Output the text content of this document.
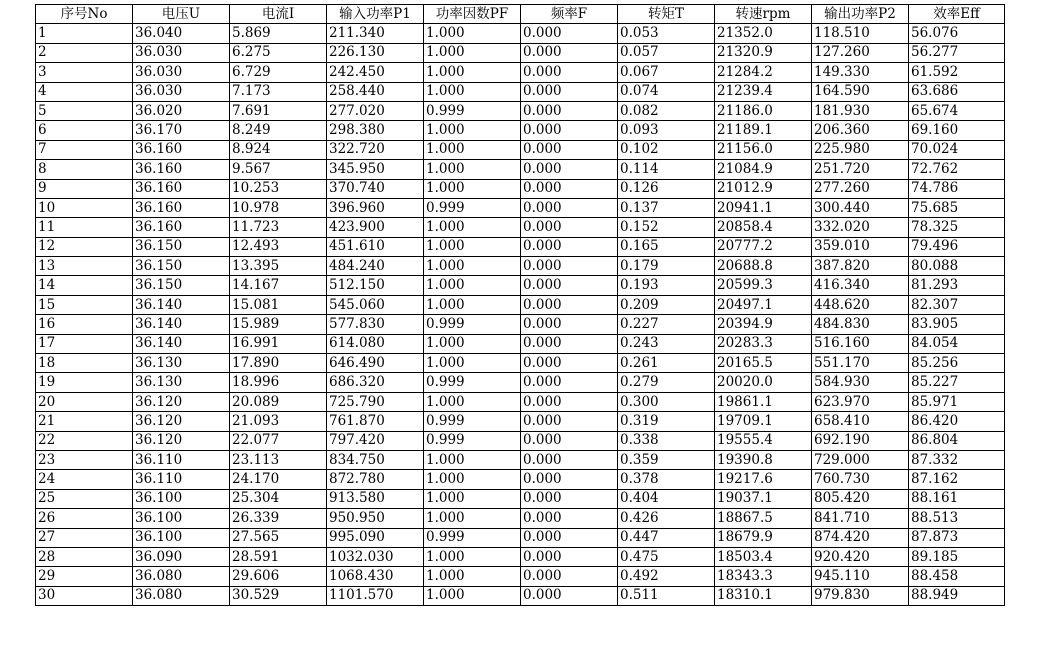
序号No	电压U	电流I	输入功率P1	功率因数PF	频率F	转矩T	转速rpm	输出功率P2	效率Eff
1	36.040	5.869	211.340	1.000	0.000	0.053	21352.0	118.510	56.076
2	36.030	6.275	226.130	1.000	0.000	0.057	21320.9	127.260	56.277
3	36.030	6.729	242.450	1.000	0.000	0.067	21284.2	149.330	61.592
4	36.030	7.173	258.440	1.000	0.000	0.074	21239.4	164.590	63.686
5	36.020	7.691	277.020	0.999	0.000	0.082	21186.0	181.930	65.674
6	36.170	8.249	298.380	1.000	0.000	0.093	21189.1	206.360	69.160
7	36.160	8.924	322.720	1.000	0.000	0.102	21156.0	225.980	70.024
8	36.160	9.567	345.950	1.000	0.000	0.114	21084.9	251.720	72.762
9	36.160	10.253	370.740	1.000	0.000	0.126	21012.9	277.260	74.786
10	36.160	10.978	396.960	0.999	0.000	0.137	20941.1	300.440	75.685
11	36.160	11.723	423.900	1.000	0.000	0.152	20858.4	332.020	78.325
12	36.150	12.493	451.610	1.000	0.000	0.165	20777.2	359.010	79.496
13	36.150	13.395	484.240	1.000	0.000	0.179	20688.8	387.820	80.088
14	36.150	14.167	512.150	1.000	0.000	0.193	20599.3	416.340	81.293
15	36.140	15.081	545.060	1.000	0.000	0.209	20497.1	448.620	82.307
16	36.140	15.989	577.830	0.999	0.000	0.227	20394.9	484.830	83.905
17	36.140	16.991	614.080	1.000	0.000	0.243	20283.3	516.160	84.054
18	36.130	17.890	646.490	1.000	0.000	0.261	20165.5	551.170	85.256
19	36.130	18.996	686.320	0.999	0.000	0.279	20020.0	584.930	85.227
20	36.120	20.089	725.790	1.000	0.000	0.300	19861.1	623.970	85.971
21	36.120	21.093	761.870	0.999	0.000	0.319	19709.1	658.410	86.420
22	36.120	22.077	797.420	0.999	0.000	0.338	19555.4	692.190	86.804
23	36.110	23.113	834.750	1.000	0.000	0.359	19390.8	729.000	87.332
24	36.110	24.170	872.780	1.000	0.000	0.378	19217.6	760.730	87.162
25	36.100	25.304	913.580	1.000	0.000	0.404	19037.1	805.420	88.161
26	36.100	26.339	950.950	1.000	0.000	0.426	18867.5	841.710	88.513
27	36.100	27.565	995.090	0.999	0.000	0.447	18679.9	874.420	87.873
28	36.090	28.591	1032.030	1.000	0.000	0.475	18503.4	920.420	89.185
29	36.080	29.606	1068.430	1.000	0.000	0.492	18343.3	945.110	88.458
30	36.080	30.529	1101.570	1.000	0.000	0.511	18310.1	979.830	88.949
